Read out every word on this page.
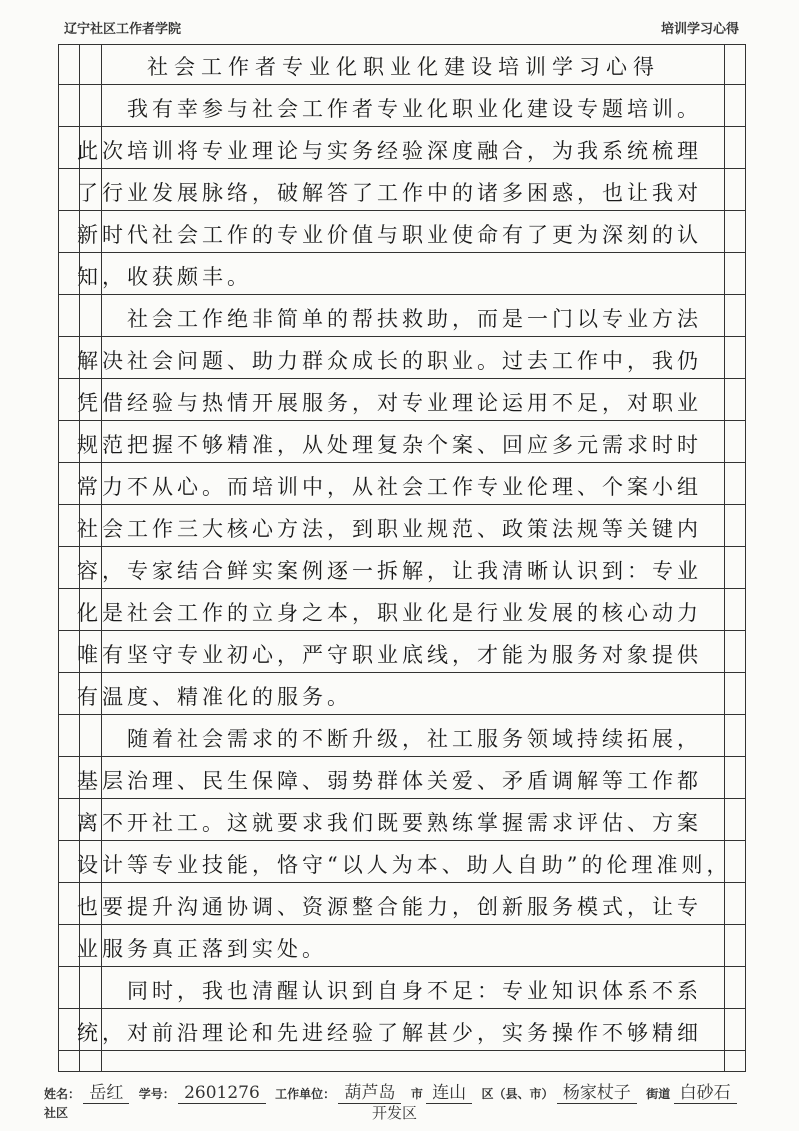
辽宁社区工作者学院	培训学习心得
社会工作者专业化职业化建设培训学习心得
我有幸参与社会工作者专业化职业化建设专题培训。
此次培训将专业理论与实务经验深度融合，为我系统梳理
了行业发展脉络，破解答了工作中的诸多困惑，也让我对
新时代社会工作的专业价值与职业使命有了更为深刻的认
知，收获颇丰。
社会工作绝非简单的帮扶救助，而是一门以专业方法
解决社会问题、助力群众成长的职业。过去工作中，我仍
凭借经验与热情开展服务，对专业理论运用不足，对职业
规范把握不够精准，从处理复杂个案、回应多元需求时时
常力不从心。而培训中，从社会工作专业伦理、个案小组
社会工作三大核心方法，到职业规范、政策法规等关键内
容，专家结合鲜实案例逐一拆解，让我清晰认识到：专业
化是社会工作的立身之本，职业化是行业发展的核心动力
唯有坚守专业初心，严守职业底线，才能为服务对象提供
有温度、精准化的服务。
随着社会需求的不断升级，社工服务领域持续拓展，
基层治理、民生保障、弱势群体关爱、矛盾调解等工作都
离不开社工。这就要求我们既要熟练掌握需求评估、方案
设计等专业技能，恪守“以人为本、助人自助”的伦理准则，
也要提升沟通协调、资源整合能力，创新服务模式，让专
业服务真正落到实处。
同时，我也清醒认识到自身不足：专业知识体系不系
统，对前沿理论和先进经验了解甚少，实务操作不够精细
姓名： 岳红 学号： 2601276 工作单位： 葫芦岛 市 连山 区（县、市） 杨家杖子 街道 白砂石 社区	开发区
